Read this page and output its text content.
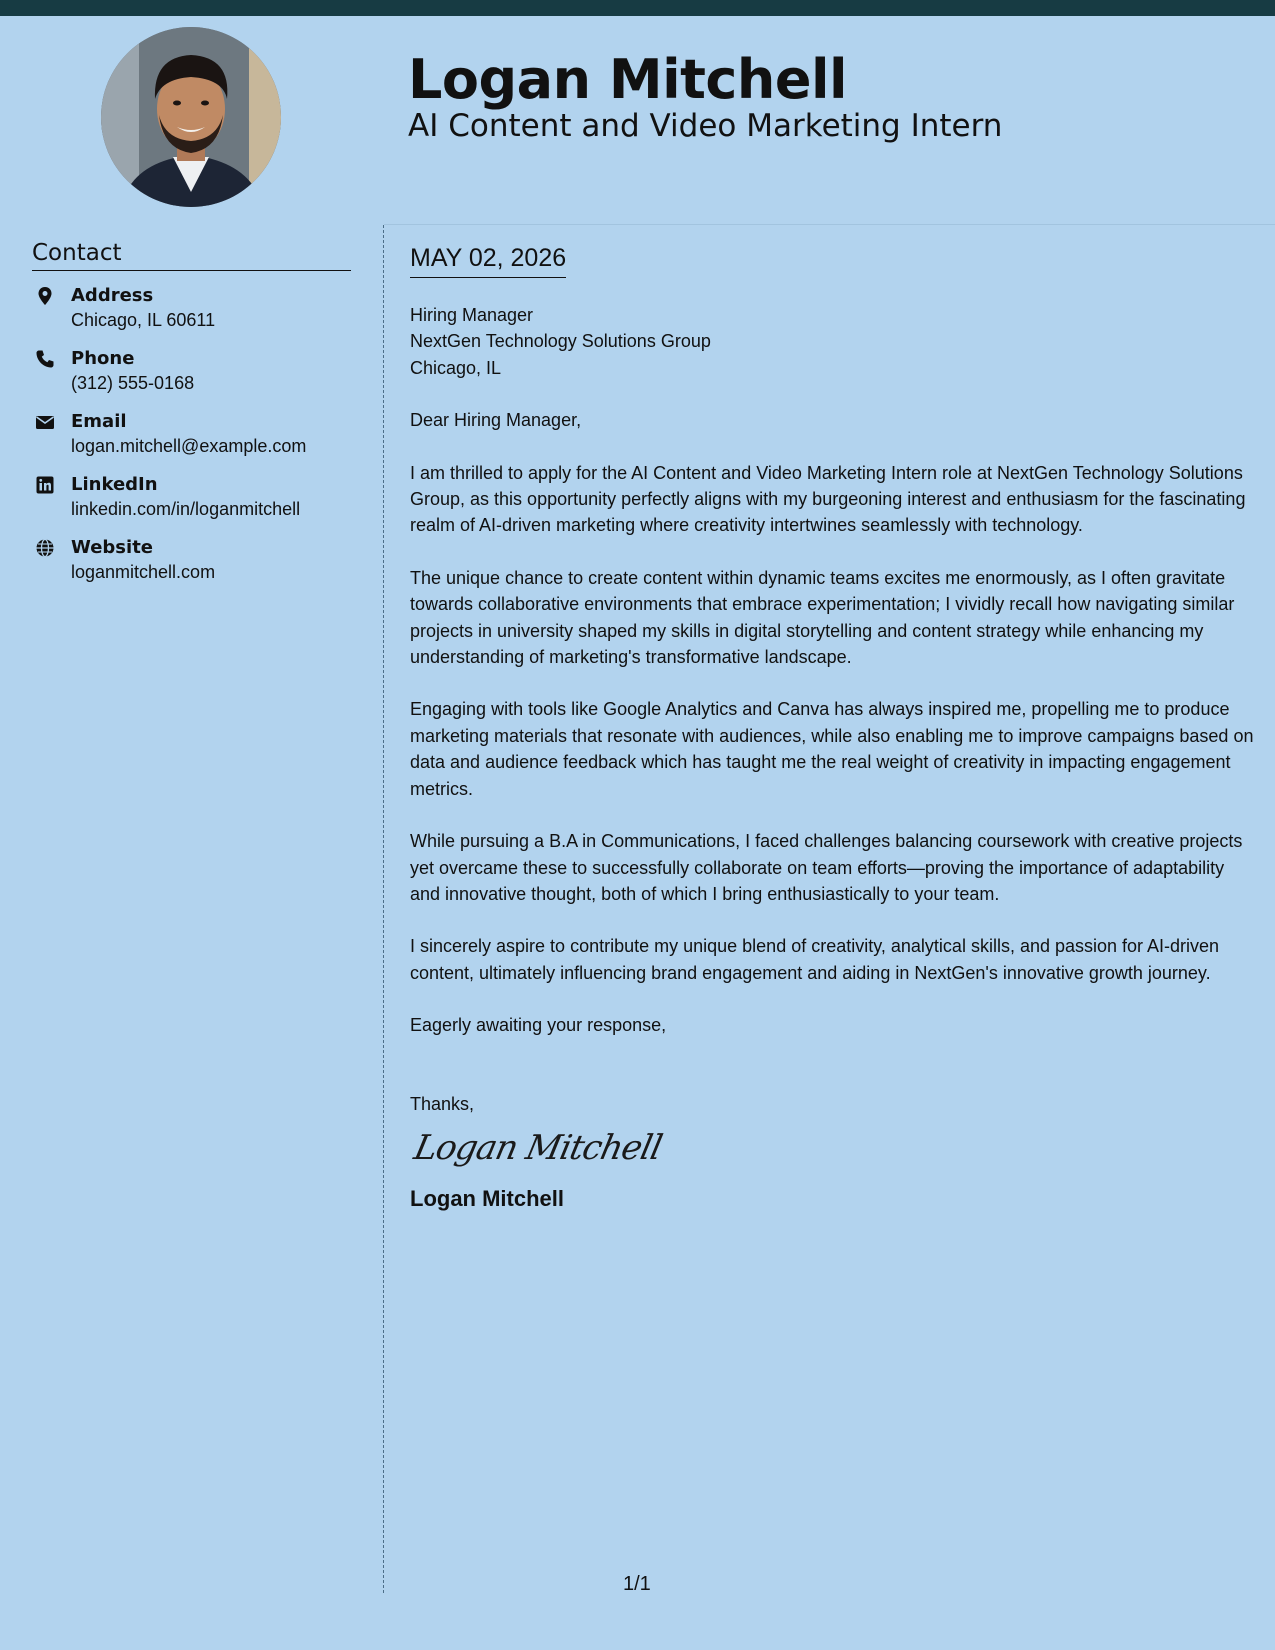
Logan Mitchell
AI Content and Video Marketing Intern
Contact
Address
Chicago, IL 60611
Phone
(312) 555-0168
Email
logan.mitchell@example.com
LinkedIn
linkedin.com/in/loganmitchell
Website
loganmitchell.com
MAY 02, 2026
Hiring Manager
NextGen Technology Solutions Group
Chicago, IL

Dear Hiring Manager,

I am thrilled to apply for the AI Content and Video Marketing Intern role at NextGen Technology Solutions Group, as this opportunity perfectly aligns with my burgeoning interest and enthusiasm for the fascinating realm of AI-driven marketing where creativity intertwines seamlessly with technology.

The unique chance to create content within dynamic teams excites me enormously, as I often gravitate towards collaborative environments that embrace experimentation; I vividly recall how navigating similar projects in university shaped my skills in digital storytelling and content strategy while enhancing my understanding of marketing's transformative landscape.

Engaging with tools like Google Analytics and Canva has always inspired me, propelling me to produce marketing materials that resonate with audiences, while also enabling me to improve campaigns based on data and audience feedback which has taught me the real weight of creativity in impacting engagement metrics.

While pursuing a B.A in Communications, I faced challenges balancing coursework with creative projects yet overcame these to successfully collaborate on team efforts—proving the importance of adaptability and innovative thought, both of which I bring enthusiastically to your team.

I sincerely aspire to contribute my unique blend of creativity, analytical skills, and passion for AI-driven content, ultimately influencing brand engagement and aiding in NextGen's innovative growth journey.

Eagerly awaiting your response,
Thanks,
Logan Mitchell
Logan Mitchell
1/1
